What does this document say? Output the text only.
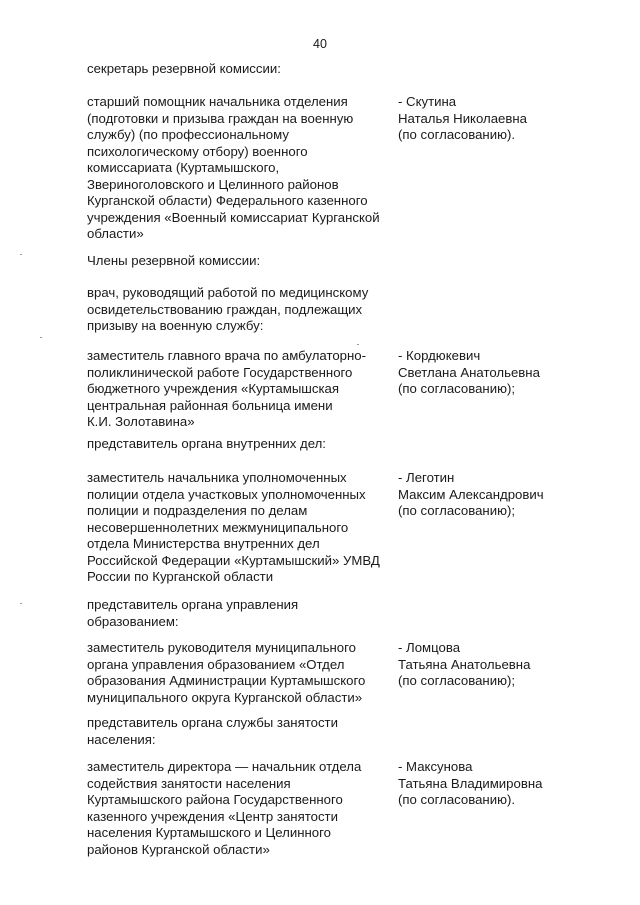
40
секретарь резервной комиссии:
старший помощник начальника отделения
(подготовки и призыва граждан на военную
службу) (по профессиональному
психологическому отбору) военного
комиссариата (Куртамышского,
Звериноголовского и Целинного районов
Курганской области) Федерального казенного
учреждения «Военный комиссариат Курганской
области»
- Скутина
Наталья Николаевна
(по согласованию).
Члены резервной комиссии:
врач, руководящий работой по медицинскому
освидетельствованию граждан, подлежащих
призыву на военную службу:
заместитель главного врача по амбулаторно-
поликлинической работе Государственного
бюджетного учреждения «Куртамышская
центральная районная больница имени
К.И. Золотавина»
- Кордюкевич
Светлана Анатольевна
(по согласованию);
представитель органа внутренних дел:
заместитель начальника уполномоченных
полиции отдела участковых уполномоченных
полиции и подразделения по делам
несовершеннолетних межмуниципального
отдела Министерства внутренних дел
Российской Федерации «Куртамышский» УМВД
России по Курганской области
- Леготин
Максим Александрович
(по согласованию);
представитель органа управления
образованием:
заместитель руководителя муниципального
органа управления образованием «Отдел
образования Администрации Куртамышского
муниципального округа Курганской области»
- Ломцова
Татьяна Анатольевна
(по согласованию);
представитель органа службы занятости
населения:
заместитель директора — начальник отдела
содействия занятости населения
Куртамышского района Государственного
казенного учреждения «Центр занятости
населения Куртамышского и Целинного
районов Курганской области»
- Максунова
Татьяна Владимировна
(по согласованию).
